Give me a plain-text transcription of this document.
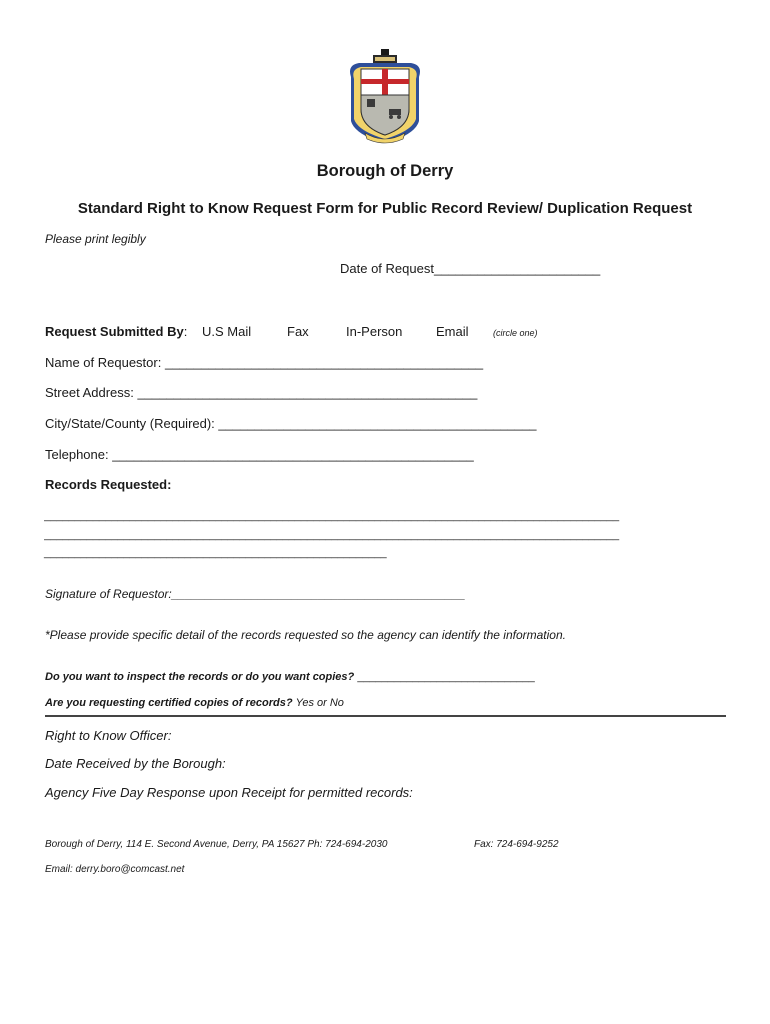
Borough of Derry
Standard Right to Know Request Form for Public Record Review/ Duplication Request
Please print legibly
Date of Request_______________________
Request Submitted By: U.S Mail	Fax	In-Person	Email	(circle one)
Name of Requestor: ____________________________________________
Street Address: _______________________________________________
City/State/County (Required): ____________________________________________
Telephone: __________________________________________________
Records Requested:
______________________________________________________________________________________________
______________________________________________________________________________________________
________________________________________________________
Signature of Requestor:____________________________________________
*Please provide specific detail of the records requested so the agency can identify the information.
Do you want to inspect the records or do you want copies? _____________________________
Are you requesting certified copies of records? Yes or No
Right to Know Officer:
Date Received by the Borough:
Agency Five Day Response upon Receipt for permitted records:
Borough of Derry, 114 E. Second Avenue, Derry, PA 15627 Ph: 724-694-2030	Fax: 724-694-9252
Email: derry.boro@comcast.net
